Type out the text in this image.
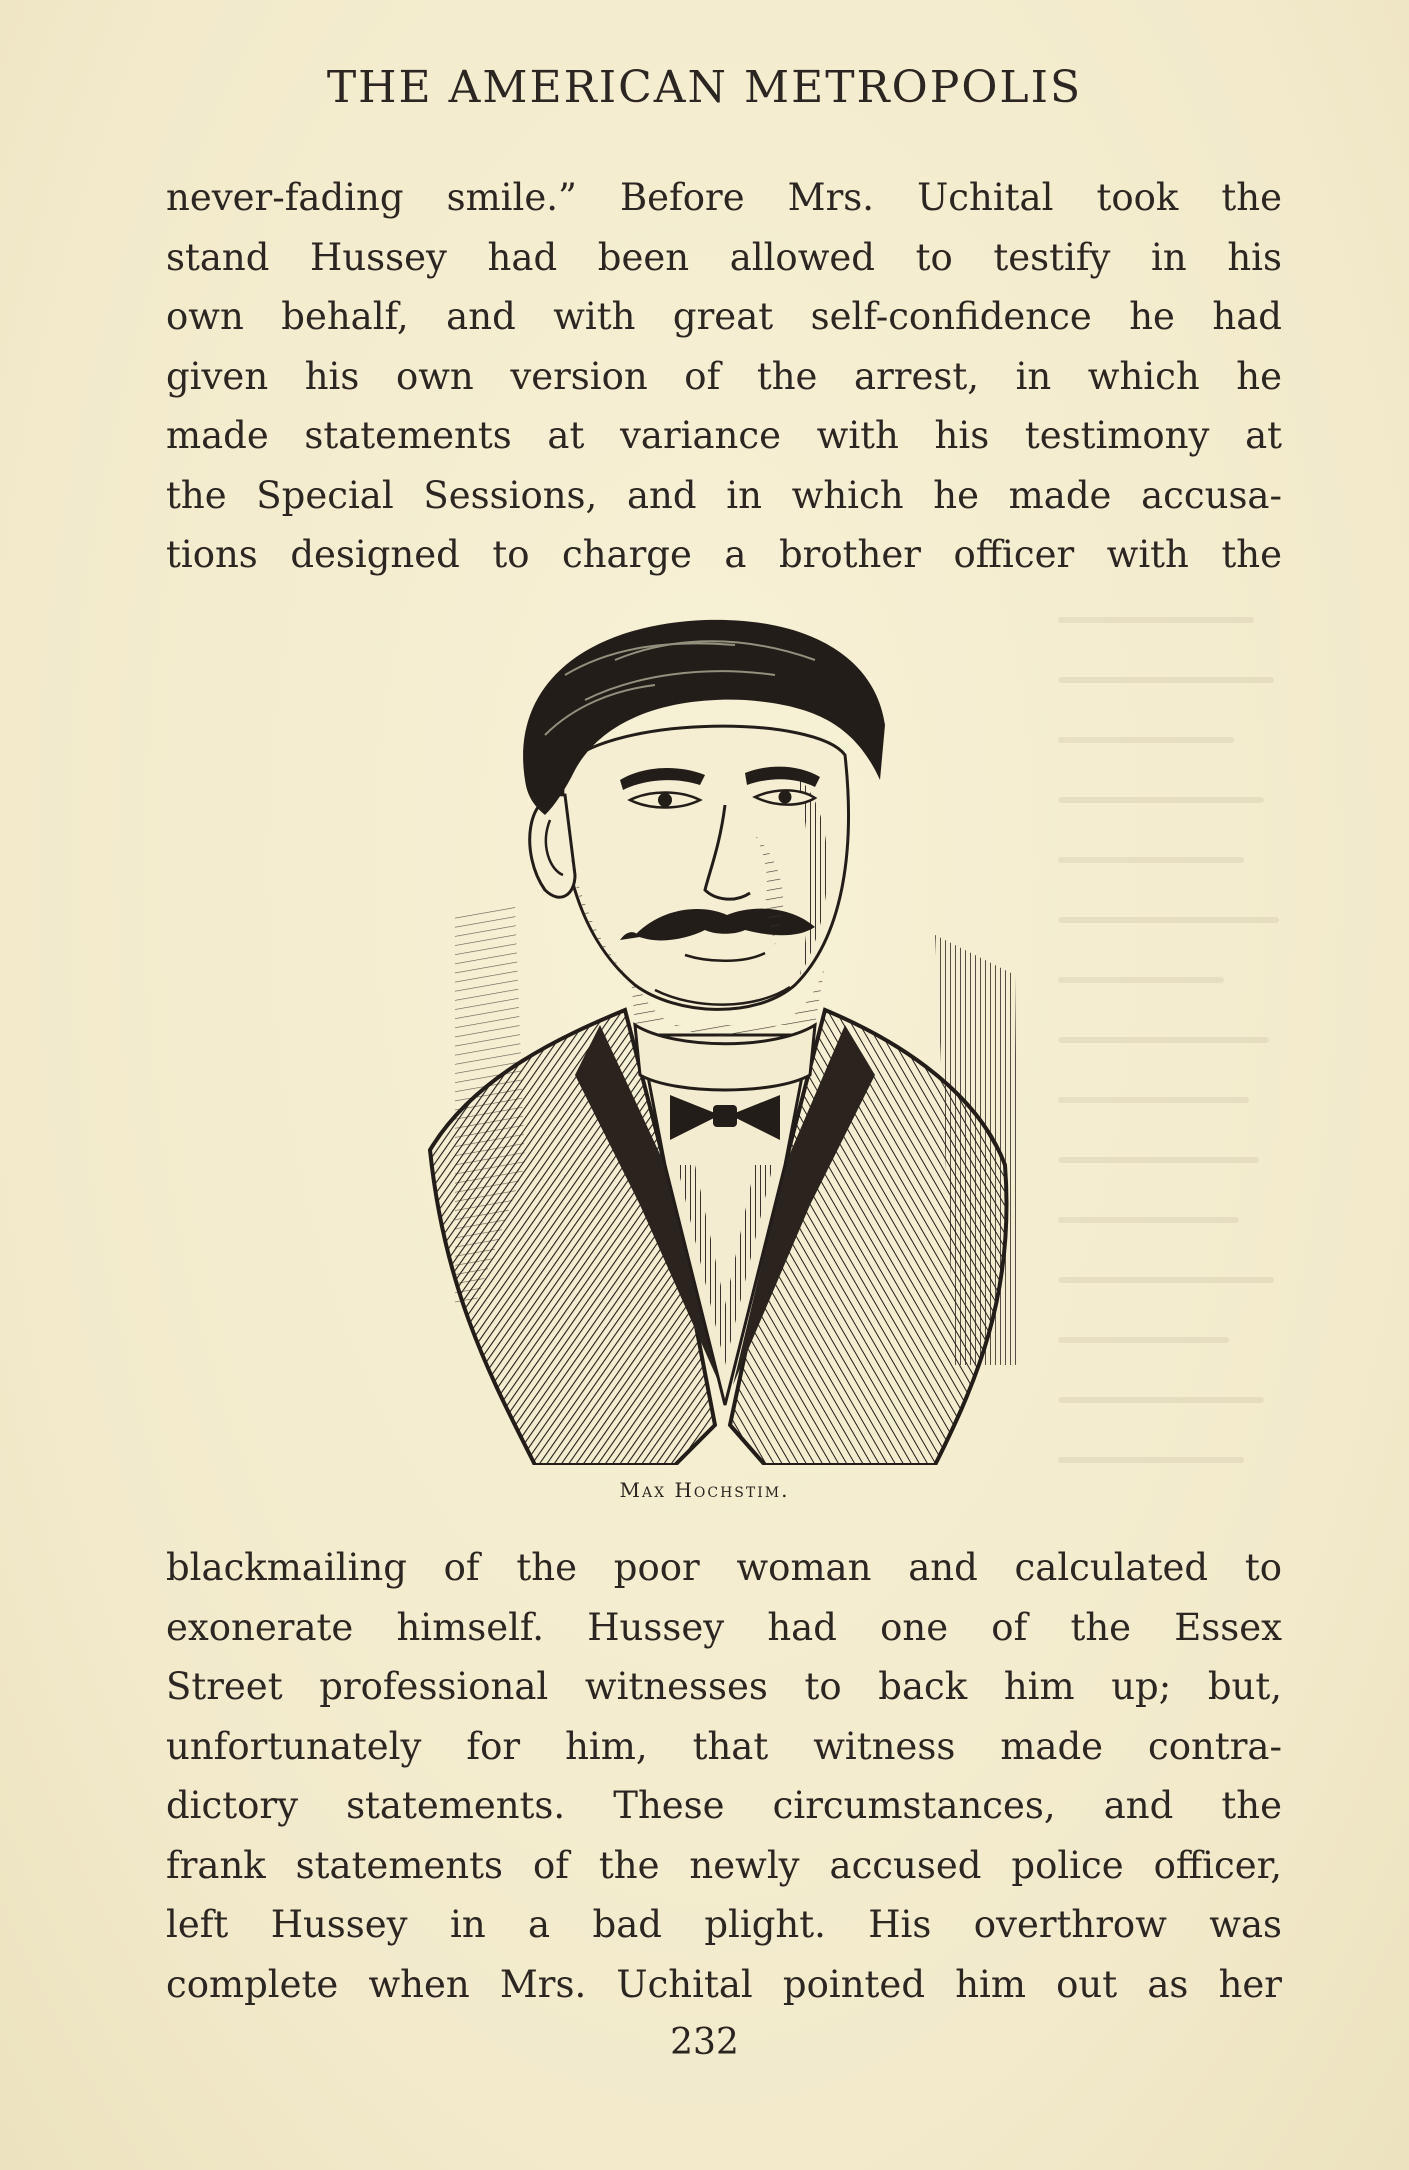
THE AMERICAN METROPOLIS
never-fading smile.” Before Mrs. Uchital took the
stand Hussey had been allowed to testify in his
own behalf, and with great self-confidence he had
given his own version of the arrest, in which he
made statements at variance with his testimony at
the Special Sessions, and in which he made accusa-
tions designed to charge a brother officer with the
Max Hochstim.
blackmailing of the poor woman and calculated to
exonerate himself. Hussey had one of the Essex
Street professional witnesses to back him up; but,
unfortunately for him, that witness made contra-
dictory statements. These circumstances, and the
frank statements of the newly accused police officer,
left Hussey in a bad plight. His overthrow was
complete when Mrs. Uchital pointed him out as her
232
